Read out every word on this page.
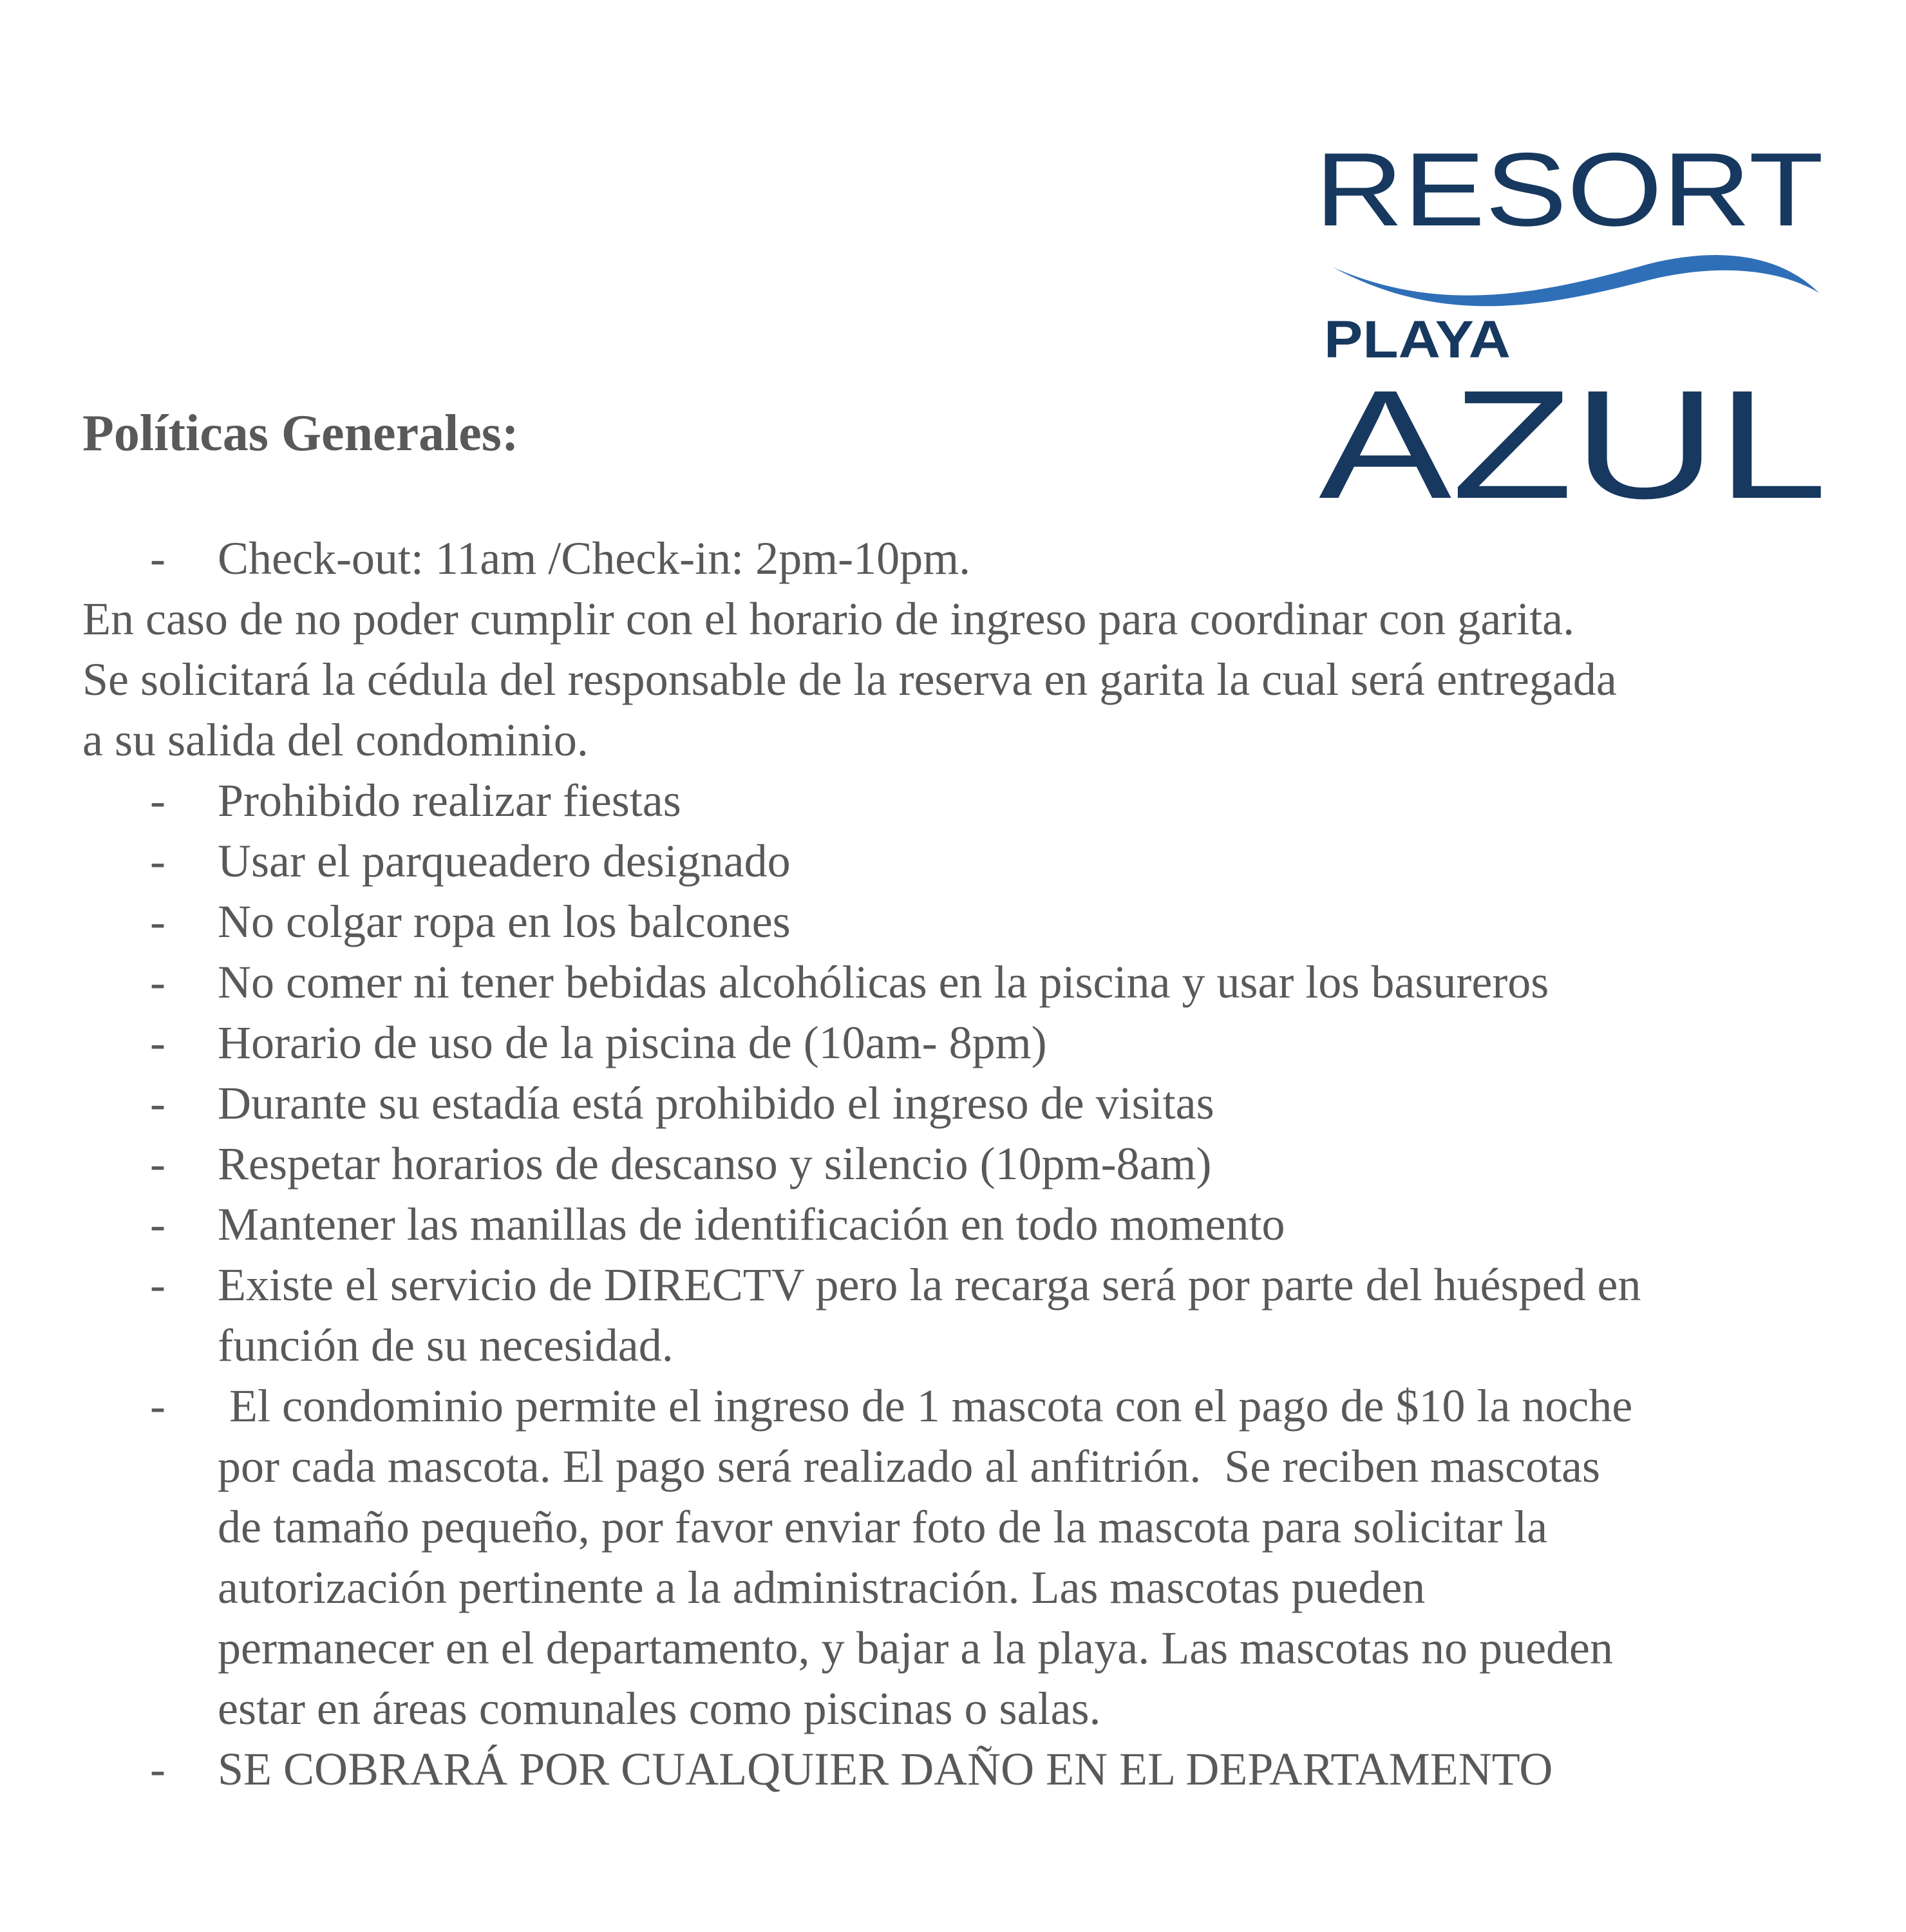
RESORT
PLAYA
AZUL
Políticas Generales:
- Check-out: 11am /Check-in: 2pm-10pm.
En caso de no poder cumplir con el horario de ingreso para coordinar con garita.
Se solicitará la cédula del responsable de la reserva en garita la cual será entregada
a su salida del condominio.
- Prohibido realizar fiestas
- Usar el parqueadero designado
- No colgar ropa en los balcones
- No comer ni tener bebidas alcohólicas en la piscina y usar los basureros
- Horario de uso de la piscina de (10am- 8pm)
- Durante su estadía está prohibido el ingreso de visitas
- Respetar horarios de descanso y silencio (10pm-8am)
- Mantener las manillas de identificación en todo momento
- Existe el servicio de DIRECTV pero la recarga será por parte del huésped en
función de su necesidad.
- El condominio permite el ingreso de 1 mascota con el pago de $10 la noche
por cada mascota. El pago será realizado al anfitrión.  Se reciben mascotas
de tamaño pequeño, por favor enviar foto de la mascota para solicitar la
autorización pertinente a la administración. Las mascotas pueden
permanecer en el departamento, y bajar a la playa. Las mascotas no pueden
estar en áreas comunales como piscinas o salas.
- SE COBRARÁ POR CUALQUIER DAÑO EN EL DEPARTAMENTO
